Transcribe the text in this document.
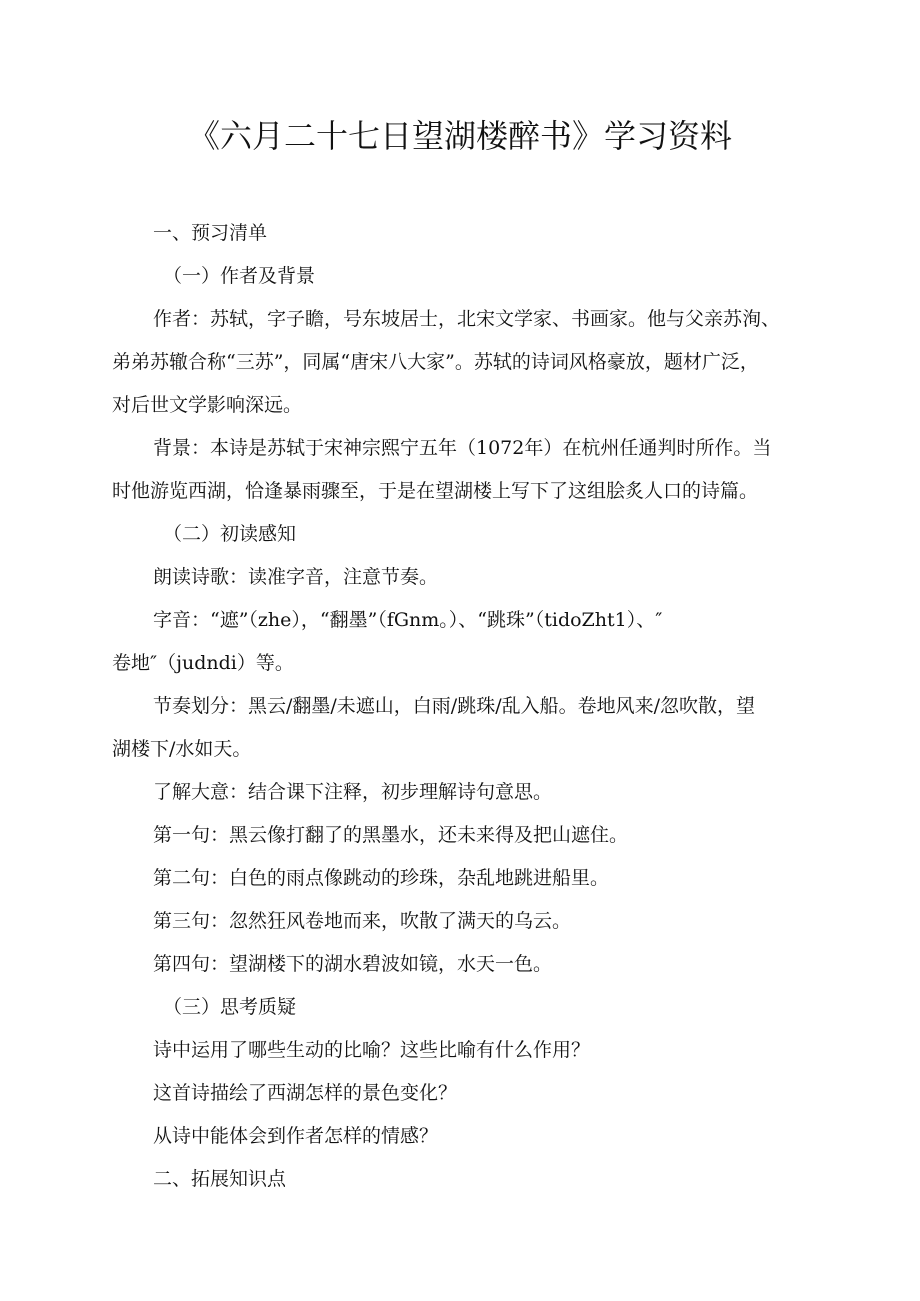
《六月二十七日望湖楼醉书》学习资料
一、预习清单
（一）作者及背景
作者：苏轼，字子瞻，号东坡居士，北宋文学家、书画家。他与父亲苏洵、
弟弟苏辙合称“三苏”，同属“唐宋八大家”。苏轼的诗词风格豪放，题材广泛，
对后世文学影响深远。
背景：本诗是苏轼于宋神宗熙宁五年（1072年）在杭州任通判时所作。当
时他游览西湖，恰逢暴雨骤至，于是在望湖楼上写下了这组脍炙人口的诗篇。
（二）初读感知
朗读诗歌：读准字音，注意节奏。
字音：“遮”（zhe），“翻墨”（fGnm。）、“跳珠”（tidoZht1）、″
卷地″（judndi）等。
节奏划分：黑云/翻墨/未遮山，白雨/跳珠/乱入船。卷地风来/忽吹散，望
湖楼下/水如天。
了解大意：结合课下注释，初步理解诗句意思。
第一句：黑云像打翻了的黑墨水，还未来得及把山遮住。
第二句：白色的雨点像跳动的珍珠，杂乱地跳进船里。
第三句：忽然狂风卷地而来，吹散了满天的乌云。
第四句：望湖楼下的湖水碧波如镜，水天一色。
（三）思考质疑
诗中运用了哪些生动的比喻？这些比喻有什么作用？
这首诗描绘了西湖怎样的景色变化？
从诗中能体会到作者怎样的情感？
二、拓展知识点
